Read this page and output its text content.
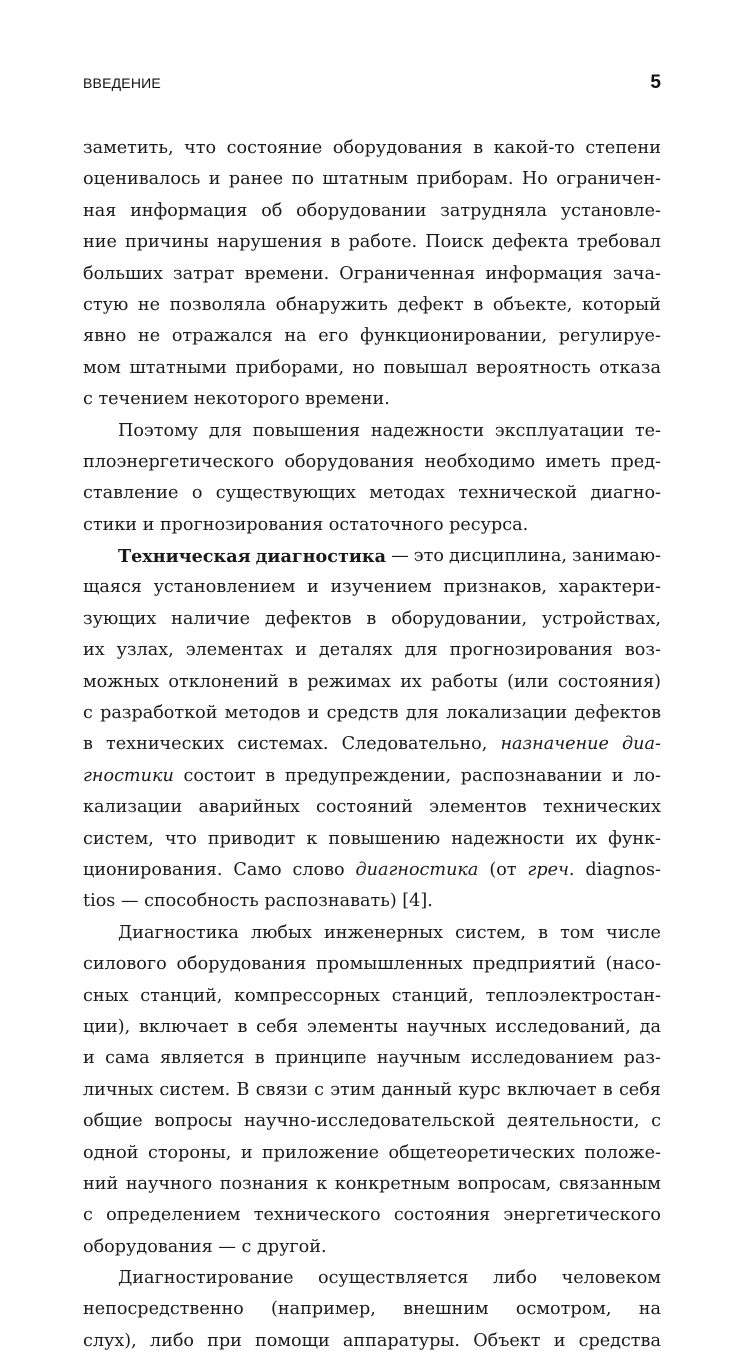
ВВЕДЕНИЕ	5
заметить, что состояние оборудования в какой-то степени
оценивалось и ранее по штатным приборам. Но ограничен-
ная информация об оборудовании затрудняла установле-
ние причины нарушения в работе. Поиск дефекта требовал
больших затрат времени. Ограниченная информация зача-
стую не позволяла обнаружить дефект в объекте, который
явно не отражался на его функционировании, регулируе-
мом штатными приборами, но повышал вероятность отказа
с течением некоторого времени.
Поэтому для повышения надежности эксплуатации те-
плоэнергетического оборудования необходимо иметь пред-
ставление о существующих методах технической диагно-
стики и прогнозирования остаточного ресурса.
Техническая диагностика — это дисциплина, занимаю-
щаяся установлением и изучением признаков, характери-
зующих наличие дефектов в оборудовании, устройствах,
их узлах, элементах и деталях для прогнозирования воз-
можных отклонений в режимах их работы (или состояния)
с разработкой методов и средств для локализации дефектов
в технических системах. Следовательно, назначение диа-
гностики состоит в предупреждении, распознавании и ло-
кализации аварийных состояний элементов технических
систем, что приводит к повышению надежности их функ-
ционирования. Само слово диагностика (от греч. diagnos-
tios — способность распознавать) [4].
Диагностика любых инженерных систем, в том числе
силового оборудования промышленных предприятий (насо-
сных станций, компрессорных станций, теплоэлектростан-
ции), включает в себя элементы научных исследований, да
и сама является в принципе научным исследованием раз-
личных систем. В связи с этим данный курс включает в себя
общие вопросы научно-исследовательской деятельности, с
одной стороны, и приложение общетеоретических положе-
ний научного познания к конкретным вопросам, связанным
с определением технического состояния энергетического
оборудования — с другой.
Диагностирование осуществляется либо человеком
непосредственно (например, внешним осмотром, на
слух), либо при помощи аппаратуры. Объект и средства
